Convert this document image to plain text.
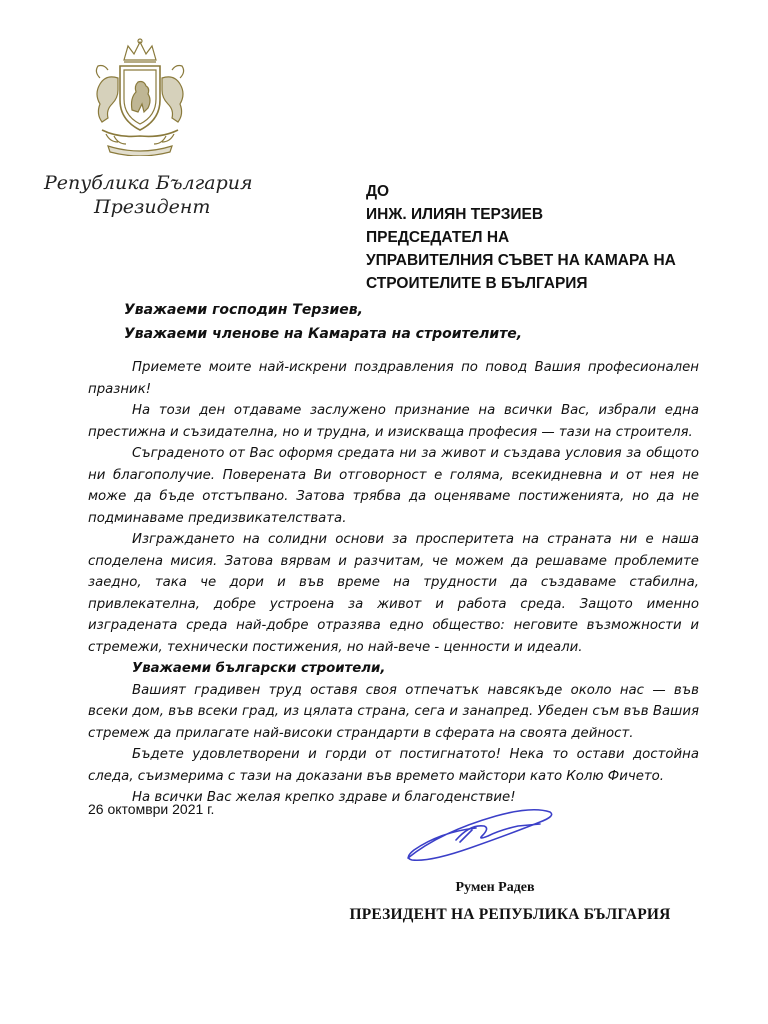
Република България
Президент
ДО
ИНЖ. ИЛИЯН ТЕРЗИЕВ
ПРЕДСЕДАТЕЛ НА
УПРАВИТЕЛНИЯ СЪВЕТ НА КАМАРА НА
СТРОИТЕЛИТЕ В БЪЛГАРИЯ
Уважаеми господин Терзиев,
Уважаеми членове на Камарата на строителите,

Приемете моите най-искрени поздравления по повод Вашия професионален празник!

На този ден отдаваме заслужено признание на всички Вас, избрали една престижна и съзидателна, но и трудна, и изискваща професия — тази на строителя.

Съграденото от Вас оформя средата ни за живот и създава условия за общото ни благополучие. Поверената Ви отговорност е голяма, всекидневна и от нея не може да бъде отстъпвано. Затова трябва да оценяваме постиженията, но да не подминаваме предизвикателствата.

Изграждането на солидни основи за просперитета на страната ни е наша споделена мисия. Затова вярвам и разчитам, че можем да решаваме проблемите заедно, така че дори и във време на трудности да създаваме стабилна, привлекателна, добре устроена за живот и работа среда. Защото именно изградената среда най-добре отразява едно общество: неговите възможности и стремежи, технически постижения, но най-вече - ценности и идеали.

Уважаеми български строители,

Вашият градивен труд оставя своя отпечатък навсякъде около нас — във всеки дом, във всеки град, из цялата страна, сега и занапред. Убеден съм във Вашия стремеж да прилагате най-високи страндарти в сферата на своята дейност.

Бъдете удовлетворени и горди от постигнатото! Нека то остави достойна следа, съизмерима с тази на доказани във времето майстори като Колю Фичето.

На всички Вас желая крепко здраве и благоденствие!

26 октомври 2021 г.
Румен Радев
ПРЕЗИДЕНТ НА РЕПУБЛИКА БЪЛГАРИЯ
